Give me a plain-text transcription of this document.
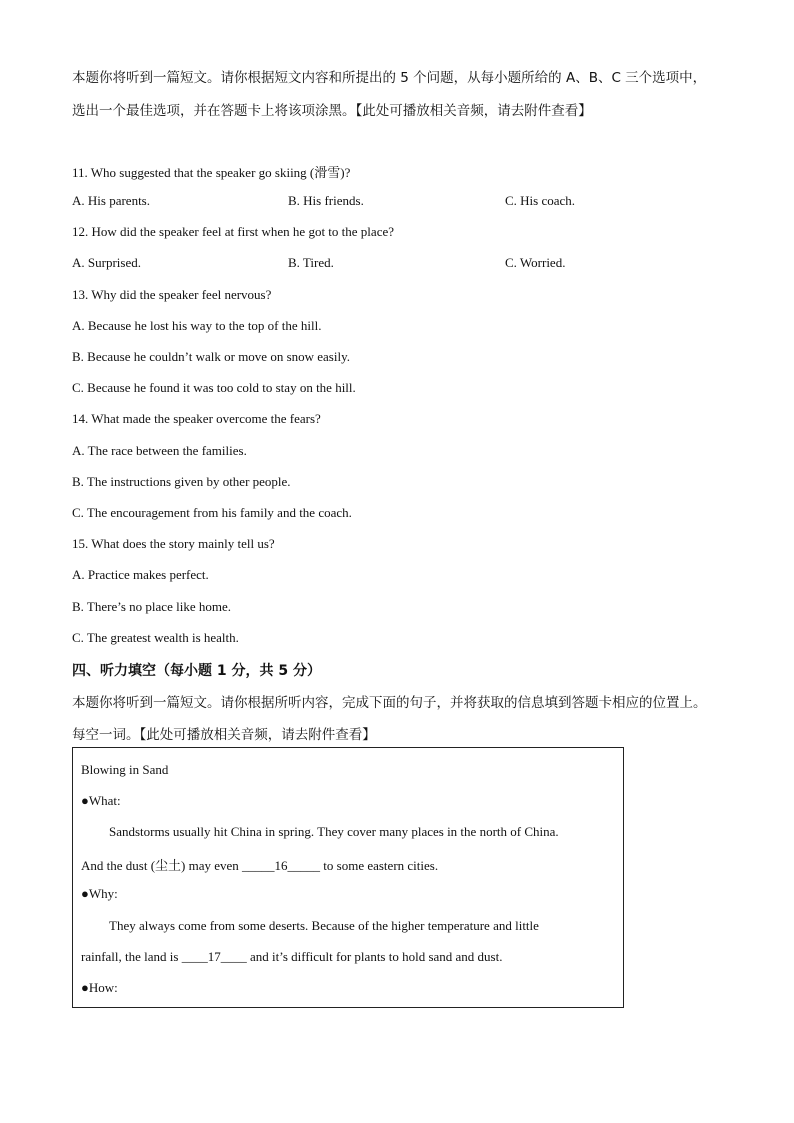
本题你将听到一篇短文。请你根据短文内容和所提出的 5 个问题，从每小题所给的 A、B、C 三个选项中，
选出一个最佳选项，并在答题卡上将该项涂黑。【此处可播放相关音频，请去附件查看】
11. Who suggested that the speaker go skiing (滑雪)?
A. His parents.	B. His friends.	C. His coach.
12. How did the speaker feel at first when he got to the place?
A. Surprised.	B. Tired.	C. Worried.
13. Why did the speaker feel nervous?
A. Because he lost his way to the top of the hill.
B. Because he couldn’t walk or move on snow easily.
C. Because he found it was too cold to stay on the hill.
14. What made the speaker overcome the fears?
A. The race between the families.
B. The instructions given by other people.
C. The encouragement from his family and the coach.
15. What does the story mainly tell us?
A. Practice makes perfect.
B. There’s no place like home.
C. The greatest wealth is health.
四、听力填空（每小题 1 分，共 5 分）
本题你将听到一篇短文。请你根据所听内容，完成下面的句子，并将获取的信息填到答题卡相应的位置上。
每空一词。【此处可播放相关音频，请去附件查看】
Blowing in Sand
●What:
Sandstorms usually hit China in spring. They cover many places in the north of China.
And the dust (尘土) may even _____16_____ to some eastern cities.
●Why:
They always come from some deserts. Because of the higher temperature and little
rainfall, the land is ____17____ and it’s difficult for plants to hold sand and dust.
●How:
